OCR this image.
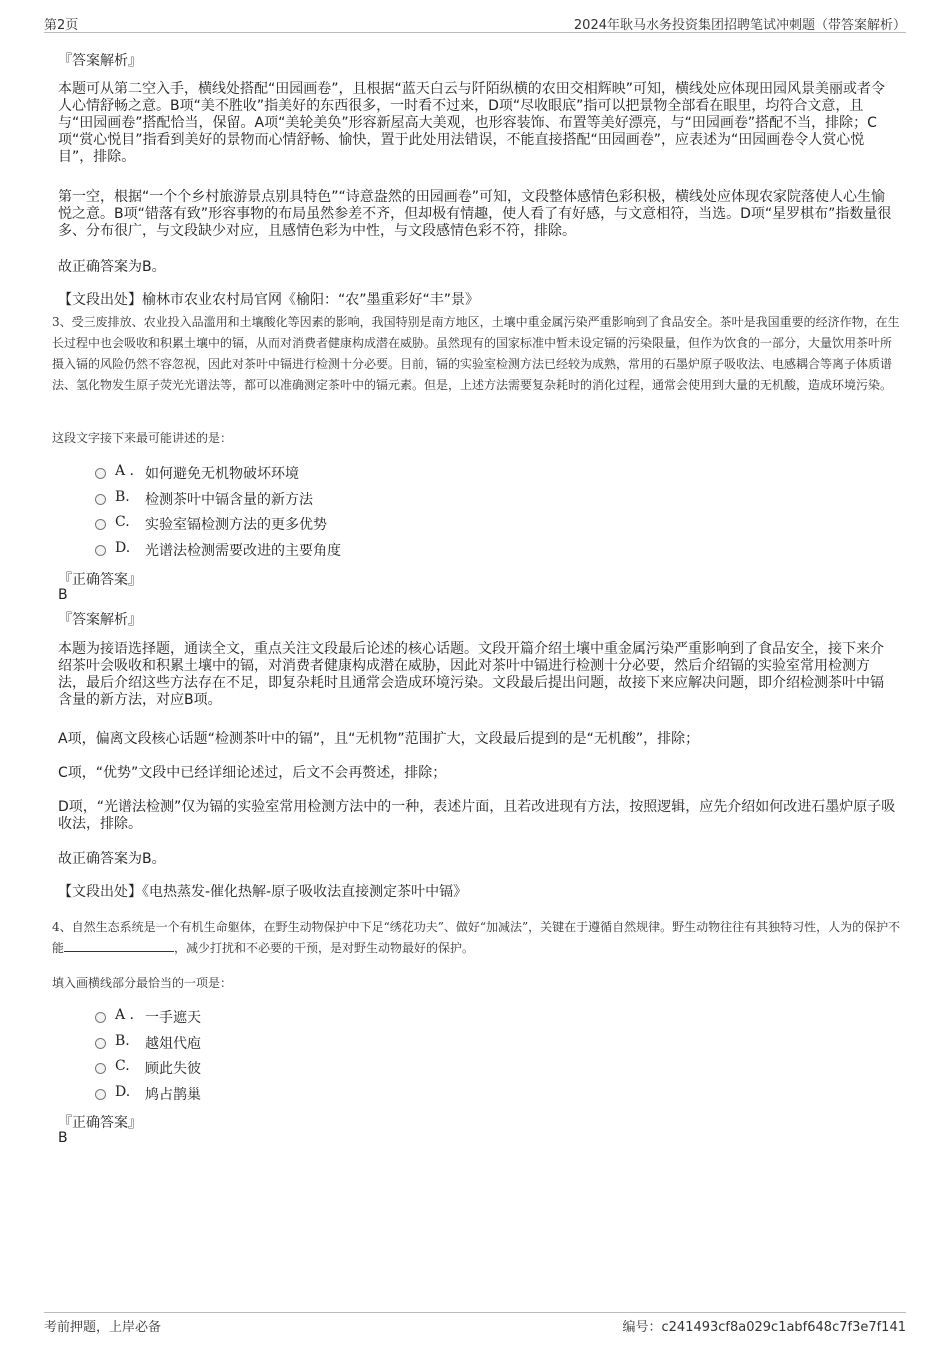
第2页	2024年耿马水务投资集团招聘笔试冲刺题（带答案解析）
『答案解析』
本题可从第二空入手，横线处搭配“田园画卷”，且根据“蓝天白云与阡陌纵横的农田交相辉映”可知，横线处应体现田园风景美丽或者令人心情舒畅之意。B项“美不胜收”指美好的东西很多，一时看不过来，D项“尽收眼底”指可以把景物全部看在眼里，均符合文意，且与“田园画卷”搭配恰当，保留。A项“美轮美奂”形容新屋高大美观，也形容装饰、布置等美好漂亮，与“田园画卷”搭配不当，排除；C项“赏心悦目”指看到美好的景物而心情舒畅、愉快，置于此处用法错误，不能直接搭配“田园画卷”，应表述为“田园画卷令人赏心悦目”，排除。
第一空，根据“一个个乡村旅游景点别具特色”“诗意盎然的田园画卷”可知，文段整体感情色彩积极，横线处应体现农家院落使人心生愉悦之意。B项“错落有致”形容事物的布局虽然参差不齐，但却极有情趣，使人看了有好感，与文意相符，当选。D项“星罗棋布”指数量很多、分布很广，与文段缺少对应，且感情色彩为中性，与文段感情色彩不符，排除。
故正确答案为B。
【文段出处】榆林市农业农村局官网《榆阳：“农”墨重彩好“丰”景》
3、受三废排放、农业投入品滥用和土壤酸化等因素的影响，我国特别是南方地区，土壤中重金属污染严重影响到了食品安全。茶叶是我国重要的经济作物，在生长过程中也会吸收和积累土壤中的镉，从而对消费者健康构成潜在威胁。虽然现有的国家标准中暂未设定镉的污染限量，但作为饮食的一部分，大量饮用茶叶所摄入镉的风险仍然不容忽视，因此对茶叶中镉进行检测十分必要。目前，镉的实验室检测方法已经较为成熟，常用的石墨炉原子吸收法、电感耦合等离子体质谱法、氢化物发生原子荧光光谱法等，都可以准确测定茶叶中的镉元素。但是，上述方法需要复杂耗时的消化过程，通常会使用到大量的无机酸，造成环境污染。
这段文字接下来最可能讲述的是：
A . 如何避免无机物破坏环境
B. 检测茶叶中镉含量的新方法
C. 实验室镉检测方法的更多优势
D. 光谱法检测需要改进的主要角度
『正确答案』
B
『答案解析』
本题为接语选择题，通读全文，重点关注文段最后论述的核心话题。文段开篇介绍土壤中重金属污染严重影响到了食品安全，接下来介绍茶叶会吸收和积累土壤中的镉，对消费者健康构成潜在威胁，因此对茶叶中镉进行检测十分必要，然后介绍镉的实验室常用检测方法，最后介绍这些方法存在不足，即复杂耗时且通常会造成环境污染。文段最后提出问题，故接下来应解决问题，即介绍检测茶叶中镉含量的新方法，对应B项。
A项，偏离文段核心话题“检测茶叶中的镉”，且“无机物”范围扩大，文段最后提到的是“无机酸”，排除；
C项，“优势”文段中已经详细论述过，后文不会再赘述，排除；
D项，“光谱法检测”仅为镉的实验室常用检测方法中的一种，表述片面，且若改进现有方法，按照逻辑，应先介绍如何改进石墨炉原子吸收法，排除。
故正确答案为B。
【文段出处】《电热蒸发-催化热解-原子吸收法直接测定茶叶中镉》
4、自然生态系统是一个有机生命躯体，在野生动物保护中下足“绣花功夫”、做好“加减法”，关键在于遵循自然规律。野生动物往往有其独特习性，人为的保护不能	，减少打扰和不必要的干预，是对野生动物最好的保护。
填入画横线部分最恰当的一项是：
A . 一手遮天
B. 越俎代庖
C. 顾此失彼
D. 鸠占鹊巢
『正确答案』
B
考前押题，上岸必备	编号：c241493cf8a029c1abf648c7f3e7f141
